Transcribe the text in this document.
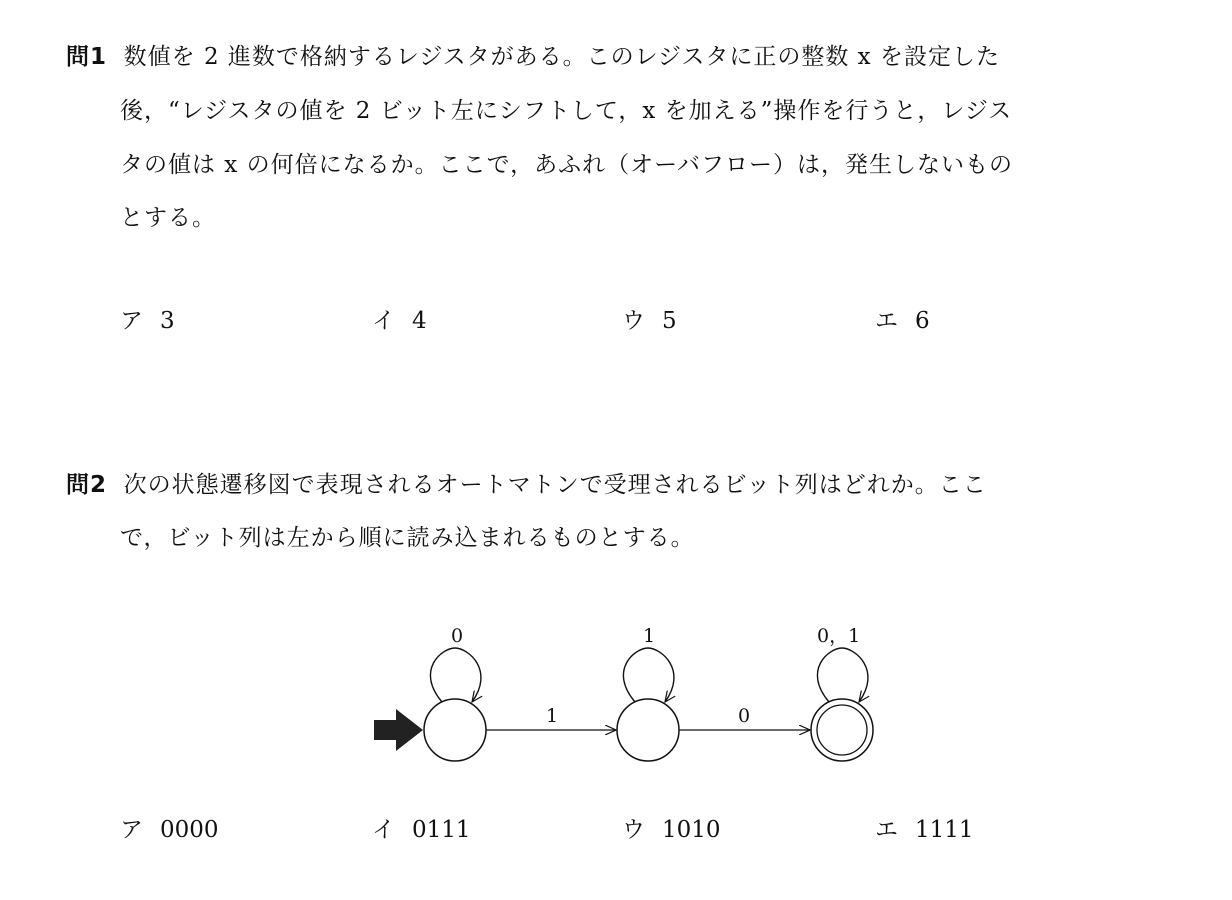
問1 数値を 2 進数で格納するレジスタがある。このレジスタに正の整数 x を設定した
後，“レジスタの値を 2 ビット左にシフトして，x を加える”操作を行うと，レジス
タの値は x の何倍になるか。ここで，あふれ（オーバフロー）は，発生しないもの
とする。
ア 3	イ 4	ウ 5	エ 6
問2 次の状態遷移図で表現されるオートマトンで受理されるビット列はどれか。ここ
で，ビット列は左から順に読み込まれるものとする。
0
1
1
0
0，1
ア 0000	イ 0111	ウ 1010	エ 1111
